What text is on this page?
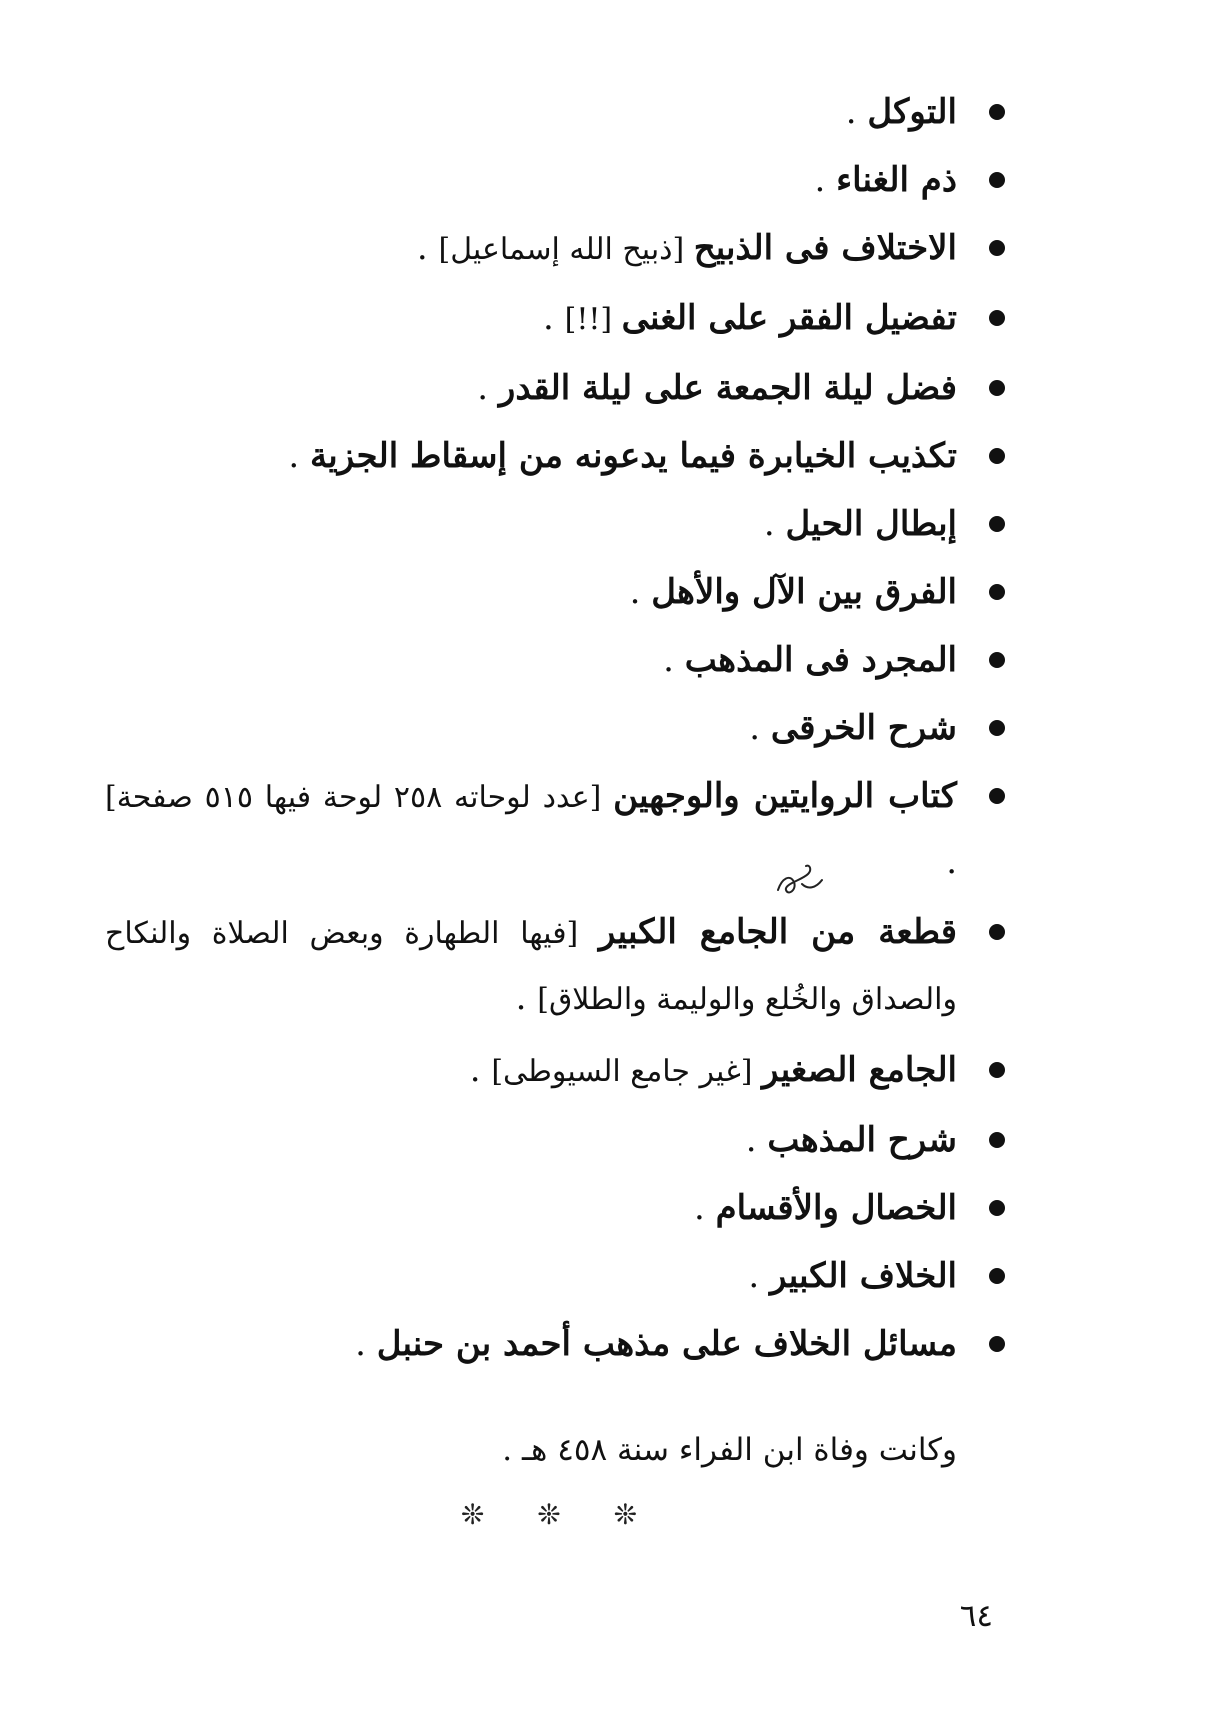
التوكل .
ذم الغناء .
الاختلاف فى الذبيح [ذبيح الله إسماعيل] .
تفضيل الفقر على الغنى [!!] .
فضل ليلة الجمعة على ليلة القدر .
تكذيب الخيابرة فيما يدعونه من إسقاط الجزية .
إبطال الحيل .
الفرق بين الآل والأهل .
المجرد فى المذهب .
شرح الخرقى .
كتاب الروايتين والوجهين [عدد لوحاته ٢٥٨ لوحة فيها ٥١٥ صفحة] .
قطعة من الجامع الكبير [فيها الطهارة وبعض الصلاة والنكاح والصداق والخُلع والوليمة والطلاق] .
الجامع الصغير [غير جامع السيوطى] .
شرح المذهب .
الخصال والأقسام .
الخلاف الكبير .
مسائل الخلاف على مذهب أحمد بن حنبل .
وكانت وفاة ابن الفراء سنة ٤٥٨ هـ .
❊ ❊ ❊
٦٤
